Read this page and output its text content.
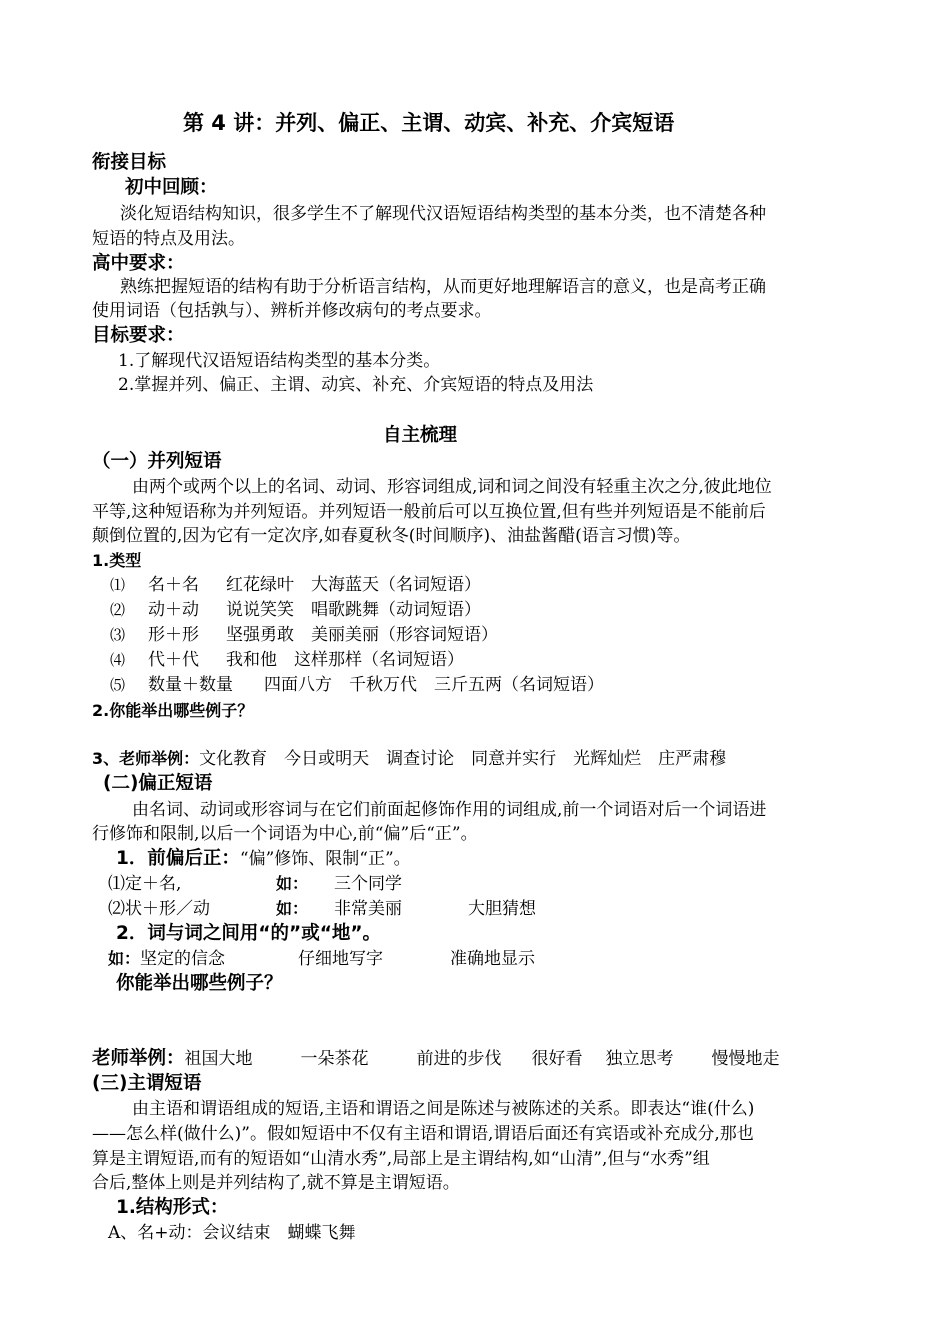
第 4 讲：并列、偏正、主谓、动宾、补充、介宾短语
衔接目标
初中回顾：
淡化短语结构知识，很多学生不了解现代汉语短语结构类型的基本分类，也不清楚各种
短语的特点及用法。
高中要求：
熟练把握短语的结构有助于分析语言结构，从而更好地理解语言的意义，也是高考正确
使用词语（包括孰与）、辨析并修改病句的考点要求。
目标要求：
1.了解现代汉语短语结构类型的基本分类。
2.掌握并列、偏正、主谓、动宾、补充、介宾短语的特点及用法
自主梳理
（一）并列短语
由两个或两个以上的名词、动词、形容词组成,词和词之间没有轻重主次之分,彼此地位
平等,这种短语称为并列短语。并列短语一般前后可以互换位置,但有些并列短语是不能前后
颠倒位置的,因为它有一定次序,如春夏秋冬(时间顺序)、油盐酱醋(语言习惯)等。
1.类型
⑴ 名＋名 红花绿叶　大海蓝天（名词短语）
⑵ 动＋动 说说笑笑　唱歌跳舞（动词短语）
⑶ 形＋形 坚强勇敢　美丽美丽（形容词短语）
⑷ 代＋代 我和他　这样那样（名词短语）
⑸ 数量＋数量 四面八方　千秋万代　三斤五两（名词短语）
2.你能举出哪些例子？
3、老师举例：文化教育　今日或明天　调查讨论　同意并实行　光辉灿烂　庄严肃穆
(二)偏正短语
由名词、动词或形容词与在它们前面起修饰作用的词组成,前一个词语对后一个词语进
行修饰和限制,以后一个词语为中心,前“偏”后“正”。
1．前偏后正：“偏”修饰、限制“正”。
⑴定＋名,	如： 三个同学
⑵状＋形／动	如： 非常美丽	大胆猜想
2．词与词之间用“的”或“地”。
如：坚定的信念	仔细地写字	准确地显示
你能举出哪些例子？
老师举例：祖国大地	一朵茶花	前进的步伐 很好看 独立思考 慢慢地走
(三)主谓短语
由主语和谓语组成的短语,主语和谓语之间是陈述与被陈述的关系。即表达“谁(什么)
——怎么样(做什么)”。假如短语中不仅有主语和谓语,谓语后面还有宾语或补充成分,那也
算是主谓短语,而有的短语如“山清水秀”,局部上是主谓结构,如“山清”,但与“水秀”组
合后,整体上则是并列结构了,就不算是主谓短语。
1.结构形式：
A、名+动：会议结束　蝴蝶飞舞
